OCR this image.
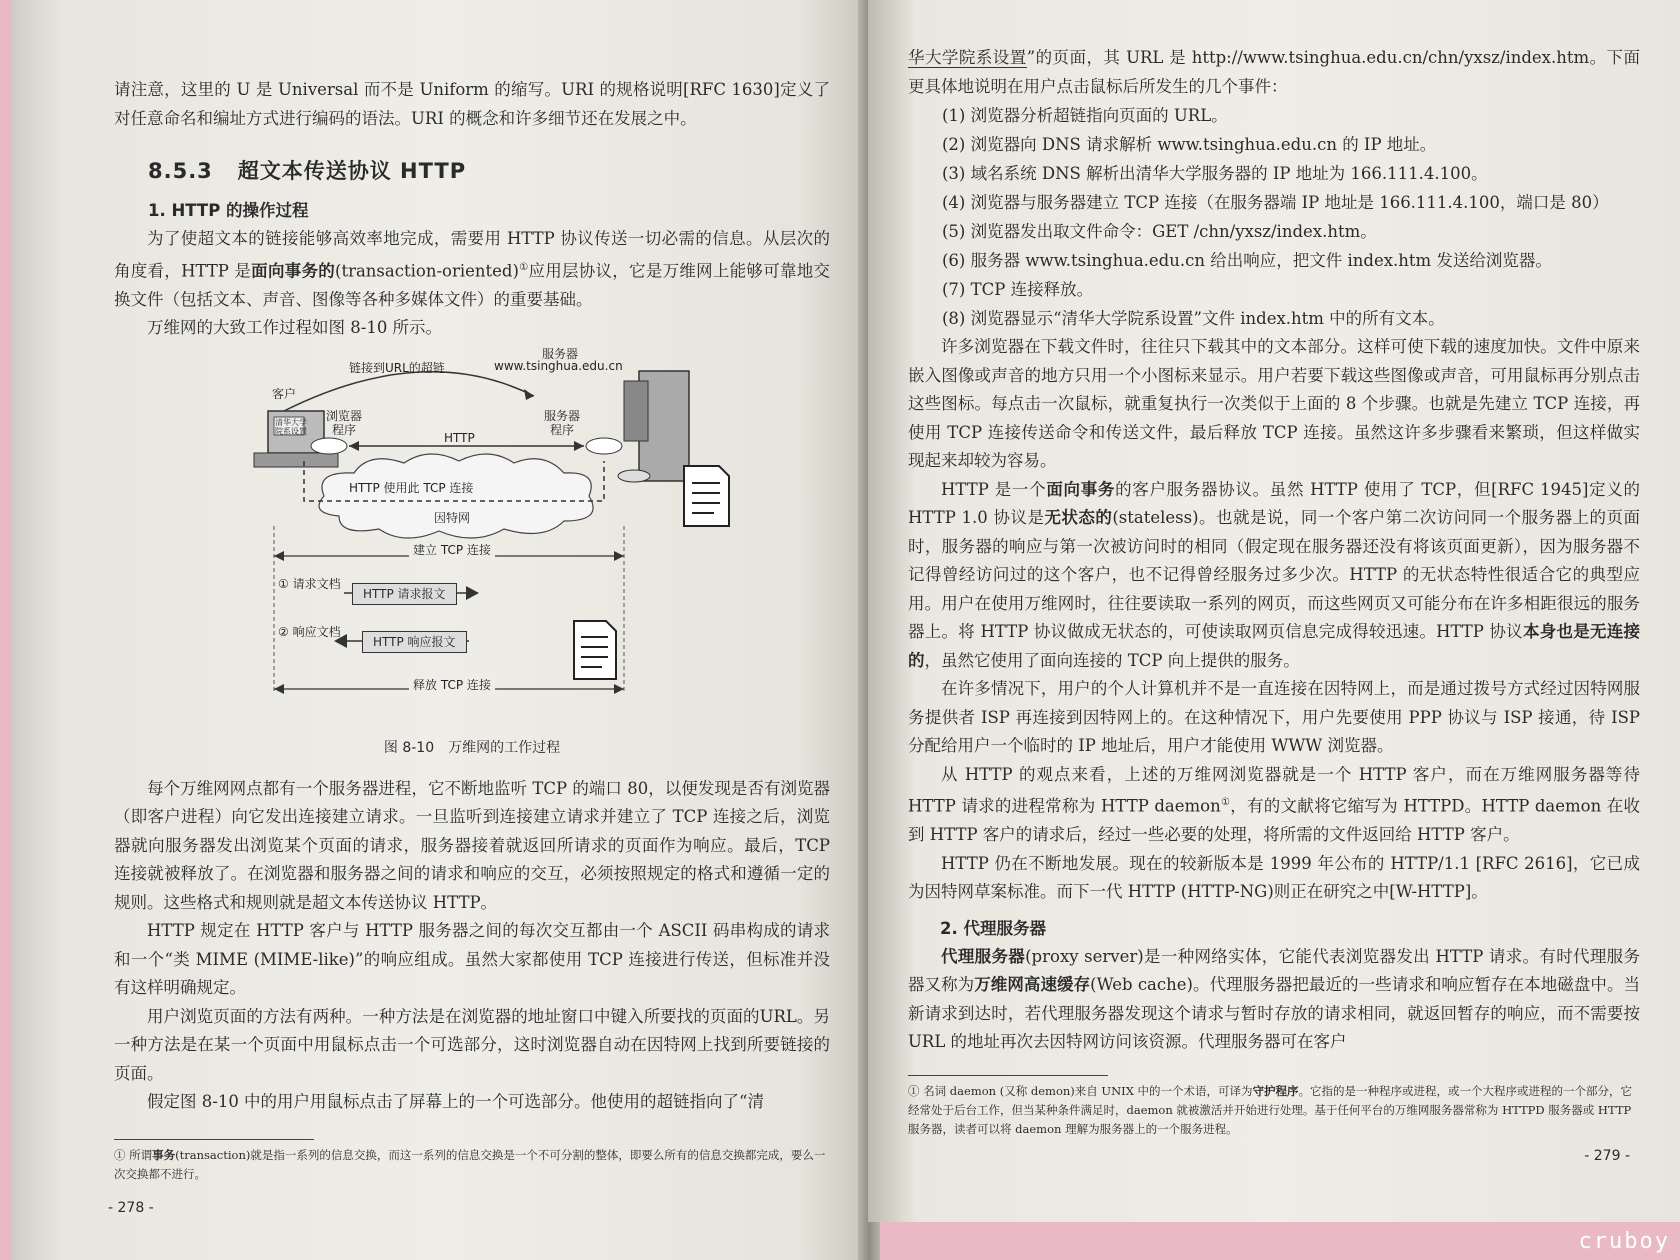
请注意，这里的 U 是 Universal 而不是 Uniform 的缩写。URI 的规格说明[RFC 1630]定义了对任意命名和编址方式进行编码的语法。URI 的概念和许多细节还在发展之中。

8.5.3 超文本传送协议 HTTP
1. HTTP 的操作过程

为了使超文本的链接能够高效率地完成，需要用 HTTP 协议传送一切必需的信息。从层次的角度看，HTTP 是面向事务的(transaction-oriented)①应用层协议，它是万维网上能够可靠地交换文件（包括文本、声音、图像等各种多媒体文件）的重要基础。

万维网的大致工作过程如图 8-10 所示。

链接到URL的超链
服务器
www.tsinghua.edu.cn
客户
清华大学
院系设置
浏览器
程序
HTTP
服务器
程序
HTTP 使用此 TCP 连接
因特网
建立 TCP 连接
① 请求文档
HTTP 请求报文
② 响应文档
HTTP 响应报文
释放 TCP 连接
图 8-10　万维网的工作过程

每个万维网网点都有一个服务器进程，它不断地监听 TCP 的端口 80，以便发现是否有浏览器（即客户进程）向它发出连接建立请求。一旦监听到连接建立请求并建立了 TCP 连接之后，浏览器就向服务器发出浏览某个页面的请求，服务器接着就返回所请求的页面作为响应。最后，TCP 连接就被释放了。在浏览器和服务器之间的请求和响应的交互，必须按照规定的格式和遵循一定的规则。这些格式和规则就是超文本传送协议 HTTP。

HTTP 规定在 HTTP 客户与 HTTP 服务器之间的每次交互都由一个 ASCII 码串构成的请求和一个“类 MIME (MIME-like)”的响应组成。虽然大家都使用 TCP 连接进行传送，但标准并没有这样明确规定。

用户浏览页面的方法有两种。一种方法是在浏览器的地址窗口中键入所要找的页面的URL。另一种方法是在某一个页面中用鼠标点击一个可选部分，这时浏览器自动在因特网上找到所要链接的页面。

假定图 8-10 中的用户用鼠标点击了屏幕上的一个可选部分。他使用的超链指向了“清

① 所谓事务(transaction)就是指一系列的信息交换，而这一系列的信息交换是一个不可分割的整体，即要么所有的信息交换都完成，要么一次交换都不进行。

- 278 -

华大学院系设置”的页面，其 URL 是 http://www.tsinghua.edu.cn/chn/yxsz/index.htm。下面更具体地说明在用户点击鼠标后所发生的几个事件：

(1) 浏览器分析超链指向页面的 URL。
(2) 浏览器向 DNS 请求解析 www.tsinghua.edu.cn 的 IP 地址。
(3) 域名系统 DNS 解析出清华大学服务器的 IP 地址为 166.111.4.100。
(4) 浏览器与服务器建立 TCP 连接（在服务器端 IP 地址是 166.111.4.100，端口是 80）
(5) 浏览器发出取文件命令：GET /chn/yxsz/index.htm。
(6) 服务器 www.tsinghua.edu.cn 给出响应，把文件 index.htm 发送给浏览器。
(7) TCP 连接释放。
(8) 浏览器显示“清华大学院系设置”文件 index.htm 中的所有文本。

许多浏览器在下载文件时，往往只下载其中的文本部分。这样可使下载的速度加快。文件中原来嵌入图像或声音的地方只用一个小图标来显示。用户若要下载这些图像或声音，可用鼠标再分别点击这些图标。每点击一次鼠标，就重复执行一次类似于上面的 8 个步骤。也就是先建立 TCP 连接，再使用 TCP 连接传送命令和传送文件，最后释放 TCP 连接。虽然这许多步骤看来繁琐，但这样做实现起来却较为容易。

HTTP 是一个面向事务的客户服务器协议。虽然 HTTP 使用了 TCP，但[RFC 1945]定义的 HTTP 1.0 协议是无状态的(stateless)。也就是说，同一个客户第二次访问同一个服务器上的页面时，服务器的响应与第一次被访问时的相同（假定现在服务器还没有将该页面更新），因为服务器不记得曾经访问过的这个客户，也不记得曾经服务过多少次。HTTP 的无状态特性很适合它的典型应用。用户在使用万维网时，往往要读取一系列的网页，而这些网页又可能分布在许多相距很远的服务器上。将 HTTP 协议做成无状态的，可使读取网页信息完成得较迅速。HTTP 协议本身也是无连接的，虽然它使用了面向连接的 TCP 向上提供的服务。

在许多情况下，用户的个人计算机并不是一直连接在因特网上，而是通过拨号方式经过因特网服务提供者 ISP 再连接到因特网上的。在这种情况下，用户先要使用 PPP 协议与 ISP 接通，待 ISP 分配给用户一个临时的 IP 地址后，用户才能使用 WWW 浏览器。

从 HTTP 的观点来看，上述的万维网浏览器就是一个 HTTP 客户，而在万维网服务器等待 HTTP 请求的进程常称为 HTTP daemon①，有的文献将它缩写为 HTTPD。HTTP daemon 在收到 HTTP 客户的请求后，经过一些必要的处理，将所需的文件返回给 HTTP 客户。

HTTP 仍在不断地发展。现在的较新版本是 1999 年公布的 HTTP/1.1 [RFC 2616]，它已成为因特网草案标准。而下一代 HTTP (HTTP-NG)则正在研究之中[W-HTTP]。

2. 代理服务器

代理服务器(proxy server)是一种网络实体，它能代表浏览器发出 HTTP 请求。有时代理服务器又称为万维网高速缓存(Web cache)。代理服务器把最近的一些请求和响应暂存在本地磁盘中。当新请求到达时，若代理服务器发现这个请求与暂时存放的请求相同，就返回暂存的响应，而不需要按 URL 的地址再次去因特网访问该资源。代理服务器可在客户

① 名词 daemon (又称 demon)来自 UNIX 中的一个术语，可译为守护程序。它指的是一种程序或进程，或一个大程序或进程的一个部分，它经常处于后台工作，但当某种条件满足时，daemon 就被激活并开始进行处理。基于任何平台的万维网服务器常称为 HTTPD 服务器或 HTTP 服务器，读者可以将 daemon 理解为服务器上的一个服务进程。

- 279 -
cruboy
